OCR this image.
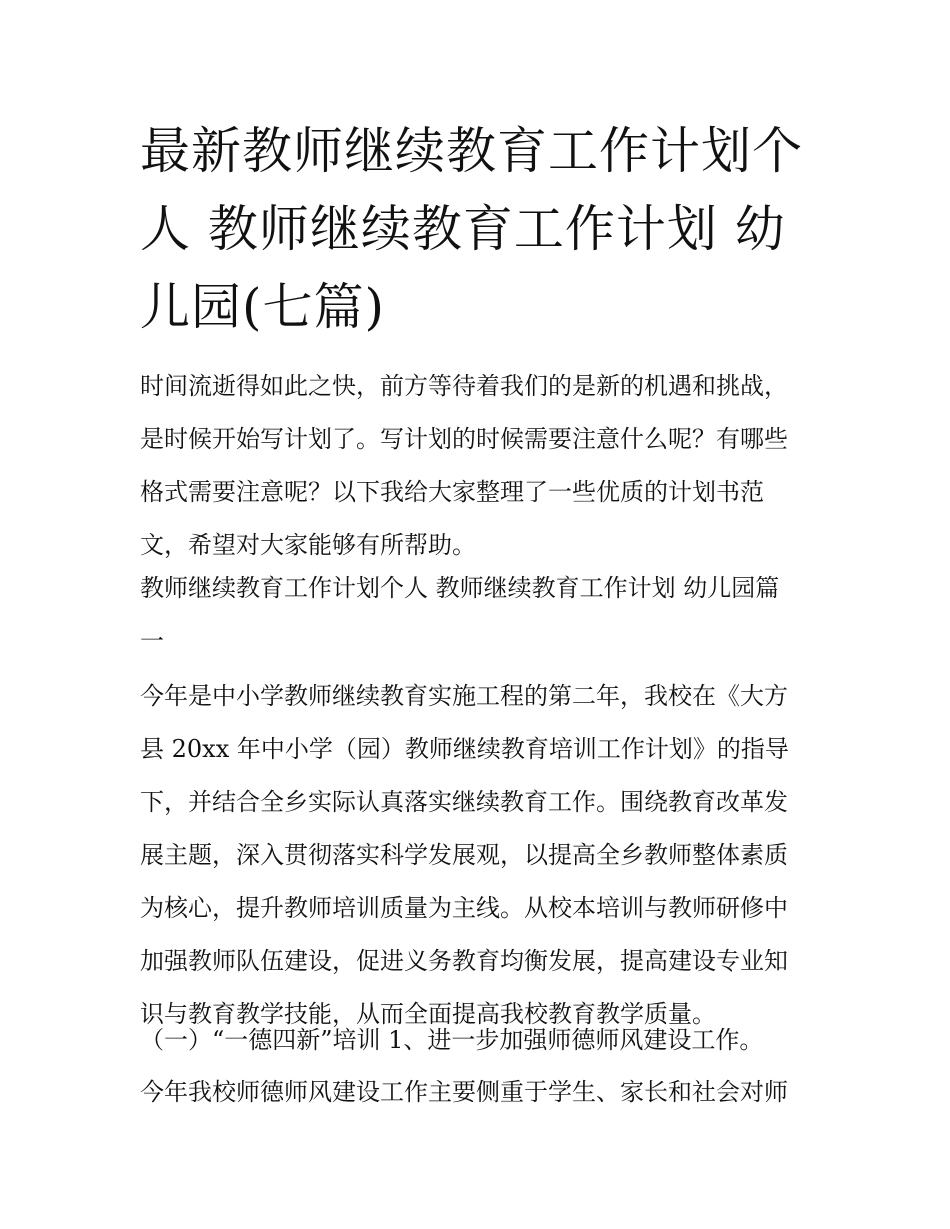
最新教师继续教育工作计划个
人 教师继续教育工作计划 幼
儿园(七篇)

时间流逝得如此之快，前方等待着我们的是新的机遇和挑战，
是时候开始写计划了。写计划的时候需要注意什么呢？有哪些
格式需要注意呢？以下我给大家整理了一些优质的计划书范
文，希望对大家能够有所帮助。

教师继续教育工作计划个人 教师继续教育工作计划 幼儿园篇
一

今年是中小学教师继续教育实施工程的第二年，我校在《大方
县 20xx 年中小学（园）教师继续教育培训工作计划》的指导
下，并结合全乡实际认真落实继续教育工作。围绕教育改革发
展主题，深入贯彻落实科学发展观，以提高全乡教师整体素质
为核心，提升教师培训质量为主线。从校本培训与教师研修中
加强教师队伍建设，促进义务教育均衡发展，提高建设专业知
识与教育教学技能，从而全面提高我校教育教学质量。

（一）“一德四新”培训 1、进一步加强师德师风建设工作。

今年我校师德师风建设工作主要侧重于学生、家长和社会对师
